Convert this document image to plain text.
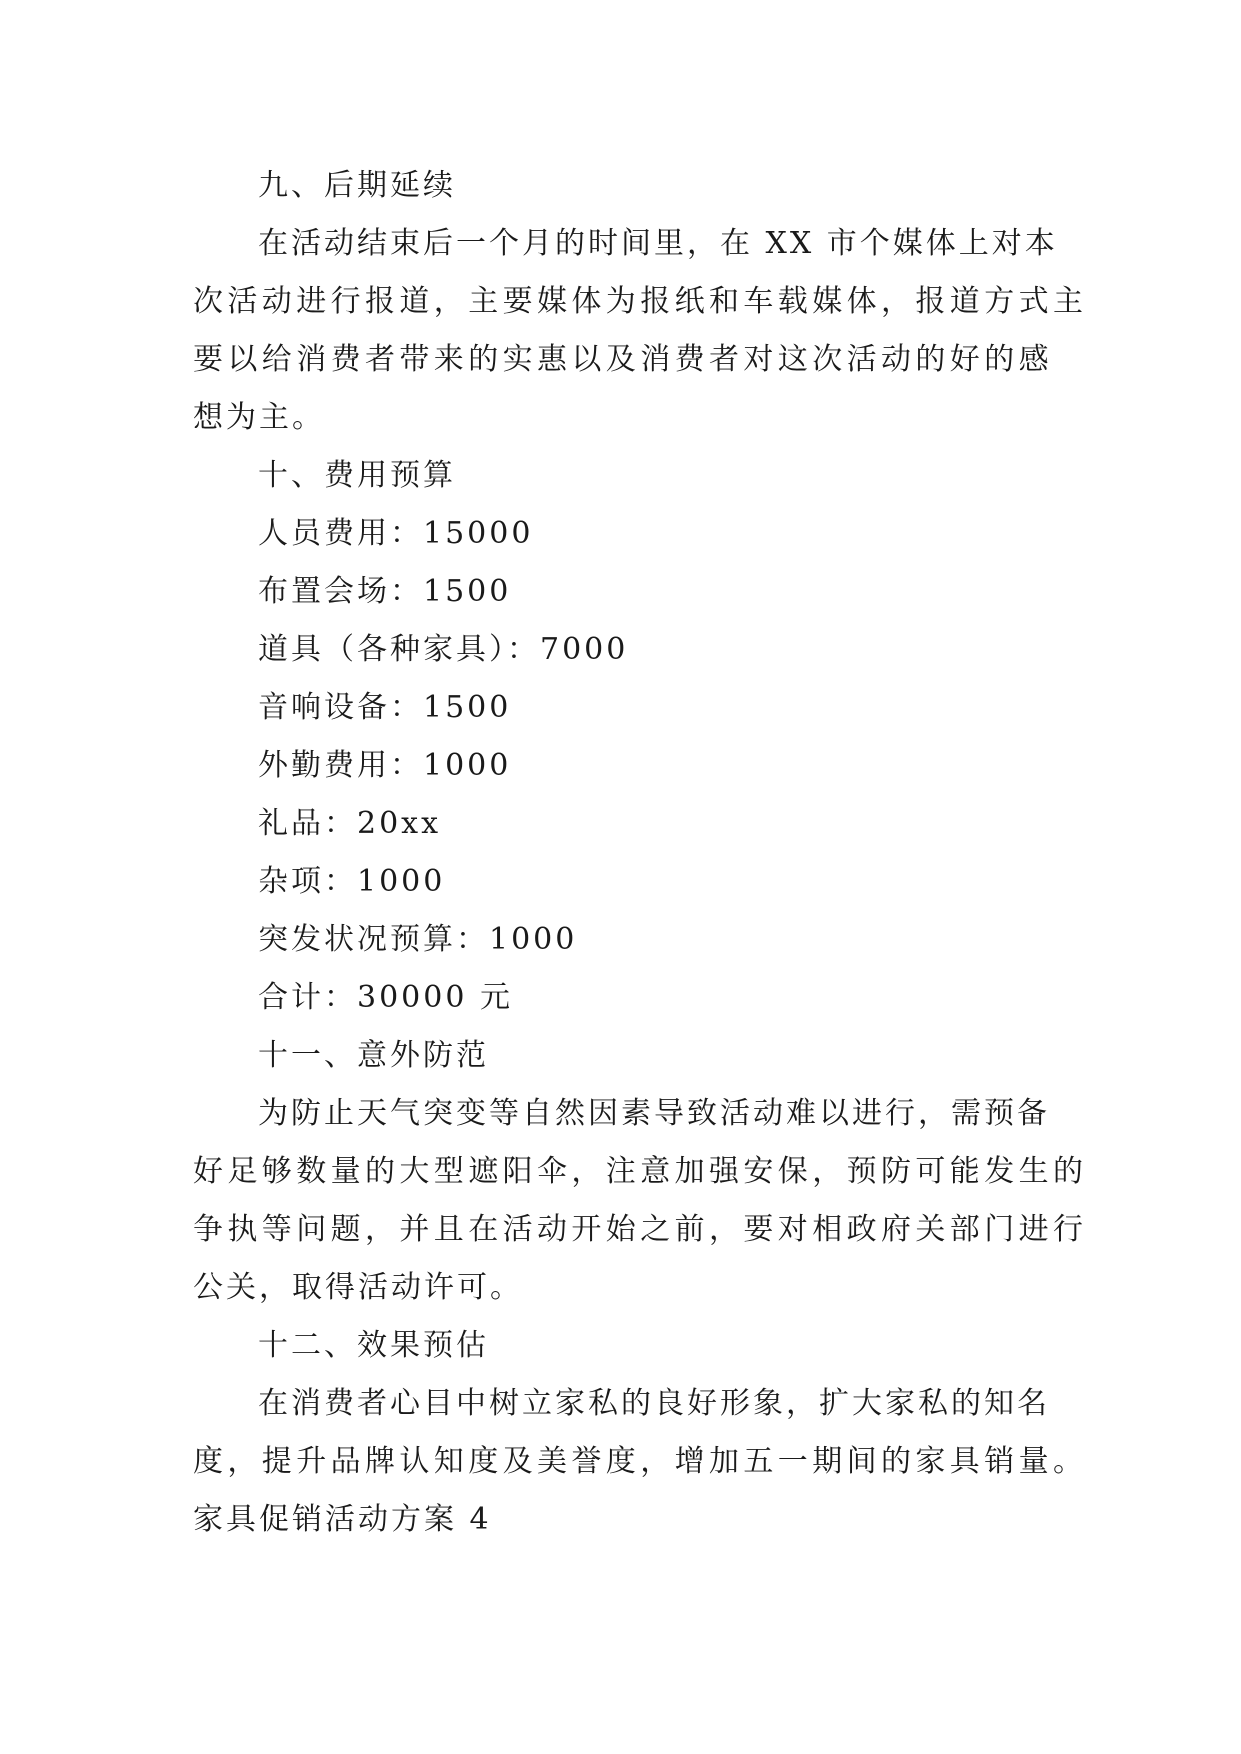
九、后期延续
在活动结束后一个月的时间里，在 XX 市个媒体上对本
次活动进行报道，主要媒体为报纸和车载媒体，报道方式主
要以给消费者带来的实惠以及消费者对这次活动的好的感
想为主。
十、费用预算
人员费用：15000
布置会场：1500
道具（各种家具）：7000
音响设备：1500
外勤费用：1000
礼品：20xx
杂项：1000
突发状况预算：1000
合计：30000 元
十一、意外防范
为防止天气突变等自然因素导致活动难以进行，需预备
好足够数量的大型遮阳伞，注意加强安保，预防可能发生的
争执等问题，并且在活动开始之前，要对相政府关部门进行
公关，取得活动许可。
十二、效果预估
在消费者心目中树立家私的良好形象，扩大家私的知名
度，提升品牌认知度及美誉度，增加五一期间的家具销量。
家具促销活动方案 4
